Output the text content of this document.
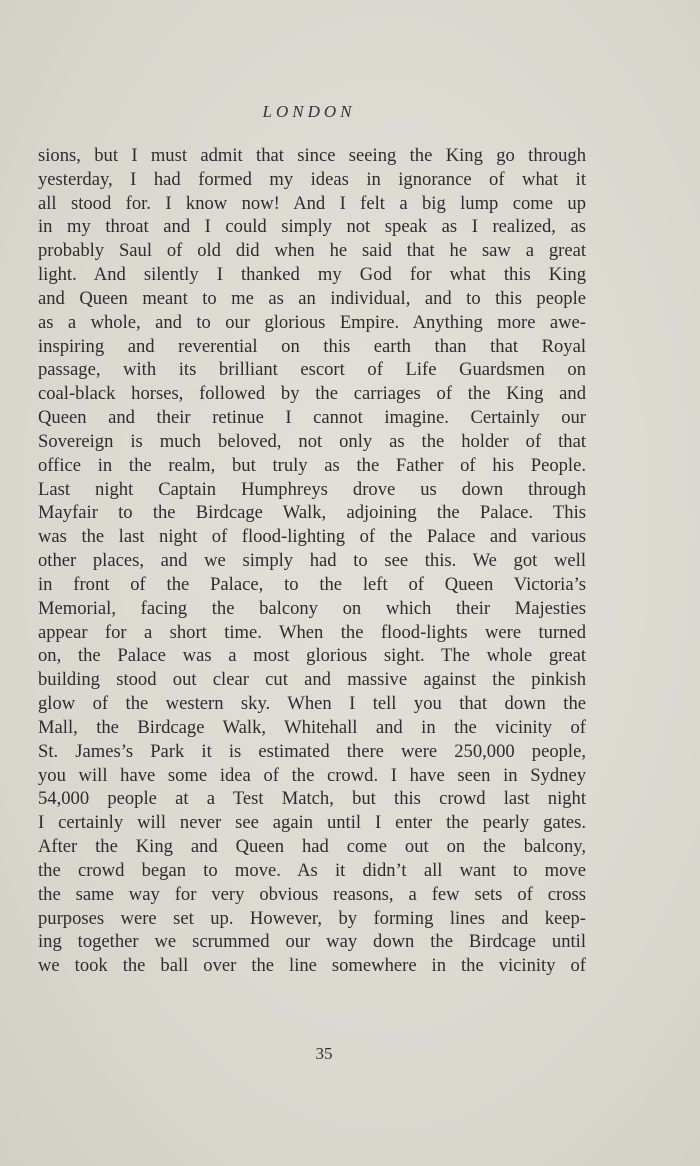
LONDON
sions, but I must admit that since seeing the King go through
yesterday, I had formed my ideas in ignorance of what it
all stood for. I know now! And I felt a big lump come up
in my throat and I could simply not speak as I realized, as
probably Saul of old did when he said that he saw a great
light. And silently I thanked my God for what this King
and Queen meant to me as an individual, and to this people
as a whole, and to our glorious Empire. Anything more awe-
inspiring and reverential on this earth than that Royal
passage, with its brilliant escort of Life Guardsmen on
coal-black horses, followed by the carriages of the King and
Queen and their retinue I cannot imagine. Certainly our
Sovereign is much beloved, not only as the holder of that
office in the realm, but truly as the Father of his People.
Last night Captain Humphreys drove us down through
Mayfair to the Birdcage Walk, adjoining the Palace. This
was the last night of flood-lighting of the Palace and various
other places, and we simply had to see this. We got well
in front of the Palace, to the left of Queen Victoria’s
Memorial, facing the balcony on which their Majesties
appear for a short time. When the flood-lights were turned
on, the Palace was a most glorious sight. The whole great
building stood out clear cut and massive against the pinkish
glow of the western sky. When I tell you that down the
Mall, the Birdcage Walk, Whitehall and in the vicinity of
St. James’s Park it is estimated there were 250,000 people,
you will have some idea of the crowd. I have seen in Sydney
54,000 people at a Test Match, but this crowd last night
I certainly will never see again until I enter the pearly gates.
After the King and Queen had come out on the balcony,
the crowd began to move. As it didn’t all want to move
the same way for very obvious reasons, a few sets of cross
purposes were set up. However, by forming lines and keep-
ing together we scrummed our way down the Birdcage until
we took the ball over the line somewhere in the vicinity of
35
